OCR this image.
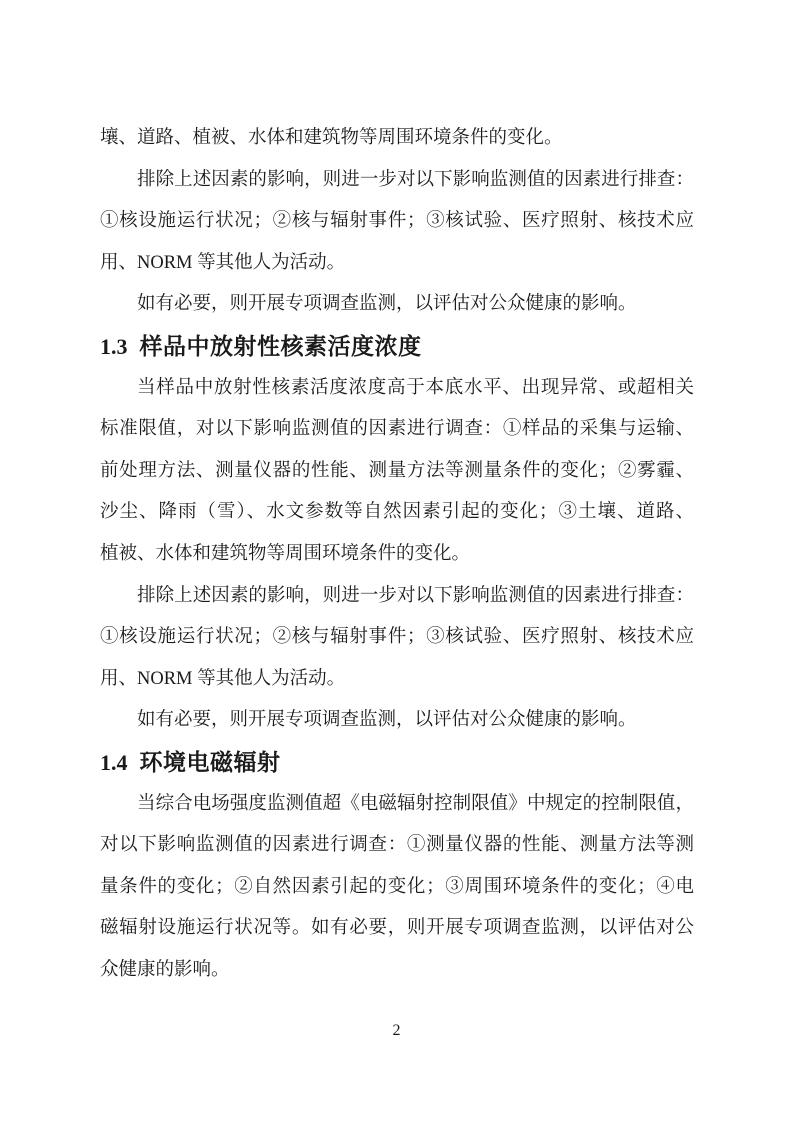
壤、道路、植被、水体和建筑物等周围环境条件的变化。
排除上述因素的影响，则进一步对以下影响监测值的因素进行排查：
①核设施运行状况；②核与辐射事件；③核试验、医疗照射、核技术应
用、NORM 等其他人为活动。
如有必要，则开展专项调查监测，以评估对公众健康的影响。
1.3 样品中放射性核素活度浓度
当样品中放射性核素活度浓度高于本底水平、出现异常、或超相关
标准限值，对以下影响监测值的因素进行调查：①样品的采集与运输、
前处理方法、测量仪器的性能、测量方法等测量条件的变化；②雾霾、
沙尘、降雨（雪）、水文参数等自然因素引起的变化；③土壤、道路、
植被、水体和建筑物等周围环境条件的变化。
排除上述因素的影响，则进一步对以下影响监测值的因素进行排查：
①核设施运行状况；②核与辐射事件；③核试验、医疗照射、核技术应
用、NORM 等其他人为活动。
如有必要，则开展专项调查监测，以评估对公众健康的影响。
1.4 环境电磁辐射
当综合电场强度监测值超《电磁辐射控制限值》中规定的控制限值，
对以下影响监测值的因素进行调查：①测量仪器的性能、测量方法等测
量条件的变化；②自然因素引起的变化；③周围环境条件的变化；④电
磁辐射设施运行状况等。如有必要，则开展专项调查监测，以评估对公
众健康的影响。
2
